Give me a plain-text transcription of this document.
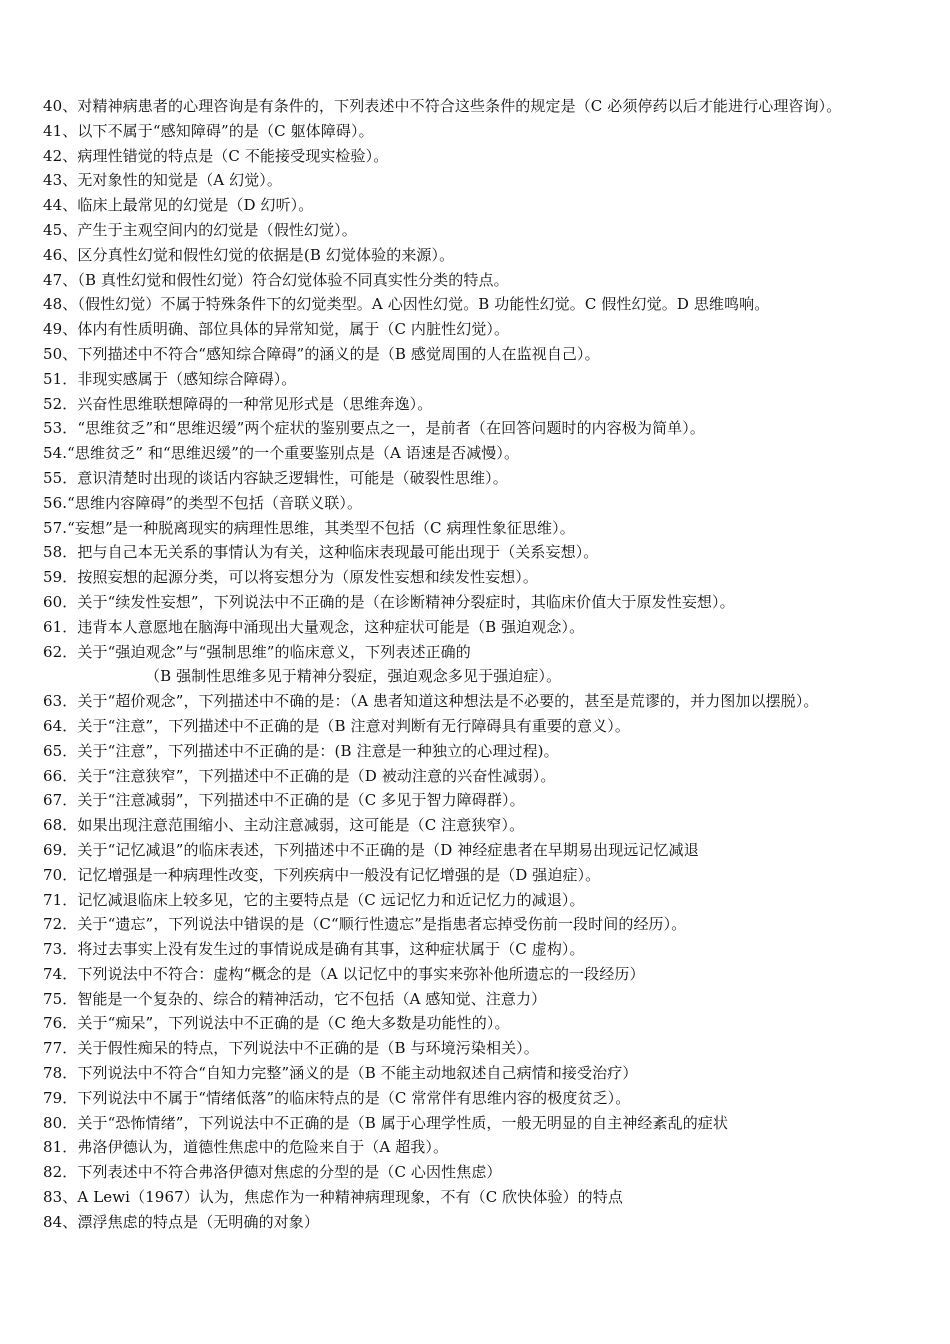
40、对精神病患者的心理咨询是有条件的，下列表述中不符合这些条件的规定是（C 必须停药以后才能进行心理咨询）。
41、以下不属于“感知障碍”的是（C 躯体障碍）。
42、病理性错觉的特点是（C 不能接受现实检验）。
43、无对象性的知觉是（A 幻觉）。
44、临床上最常见的幻觉是（D 幻听）。
45、产生于主观空间内的幻觉是（假性幻觉）。
46、区分真性幻觉和假性幻觉的依据是(B 幻觉体验的来源）。
47、（B 真性幻觉和假性幻觉）符合幻觉体验不同真实性分类的特点。
48、（假性幻觉）不属于特殊条件下的幻觉类型。A 心因性幻觉。B 功能性幻觉。C 假性幻觉。D 思维鸣响。
49、体内有性质明确、部位具体的异常知觉，属于（C 内脏性幻觉）。
50、下列描述中不符合“感知综合障碍”的涵义的是（B 感觉周围的人在监视自己）。
51．非现实感属于（感知综合障碍）。
52．兴奋性思维联想障碍的一种常见形式是（思维奔逸）。
53．“思维贫乏”和“思维迟缓”两个症状的鉴别要点之一，是前者（在回答问题时的内容极为简单）。
54.“思维贫乏” 和“思维迟缓”的一个重要鉴别点是（A 语速是否减慢）。
55．意识清楚时出现的谈话内容缺乏逻辑性，可能是（破裂性思维）。
56.“思维内容障碍”的类型不包括（音联义联）。
57.“妄想”是一种脱离现实的病理性思维，其类型不包括（C 病理性象征思维）。
58．把与自己本无关系的事情认为有关，这种临床表现最可能出现于（关系妄想）。
59．按照妄想的起源分类，可以将妄想分为（原发性妄想和续发性妄想）。
60．关于“续发性妄想”，下列说法中不正确的是（在诊断精神分裂症时，其临床价值大于原发性妄想）。
61．违背本人意愿地在脑海中涌现出大量观念，这种症状可能是（B 强迫观念）。
62．关于“强迫观念”与“强制思维”的临床意义，下列表述正确的
（B 强制性思维多见于精神分裂症，强迫观念多见于强迫症）。
63．关于“超价观念”，下列描述中不确的是：（A 患者知道这种想法是不必要的，甚至是荒谬的，并力图加以摆脱）。
64．关于“注意”，下列描述中不正确的是（B 注意对判断有无行障碍具有重要的意义）。
65．关于“注意”，下列描述中不正确的是：(B 注意是一种独立的心理过程)。
66．关于“注意狭窄”，下列描述中不正确的是（D 被动注意的兴奋性减弱）。
67．关于“注意减弱”，下列描述中不正确的是（C 多见于智力障碍群）。
68．如果出现注意范围缩小、主动注意减弱，这可能是（C 注意狭窄）。
69．关于“记忆减退”的临床表述，下列描述中不正确的是（D 神经症患者在早期易出现远记忆减退
70．记忆增强是一种病理性改变，下列疾病中一般没有记忆增强的是（D 强迫症）。
71．记忆减退临床上较多见，它的主要特点是（C 远记忆力和近记忆力的减退）。
72．关于“遗忘”，下列说法中错误的是（C“顺行性遗忘”是指患者忘掉受伤前一段时间的经历）。
73．将过去事实上没有发生过的事情说成是确有其事，这种症状属于（C 虚构）。
74．下列说法中不符合：虚构“概念的是（A 以记忆中的事实来弥补他所遗忘的一段经历）
75．智能是一个复杂的、综合的精神活动，它不包括（A 感知觉、注意力）
76．关于“痴呆”，下列说法中不正确的是（C 绝大多数是功能性的）。
77．关于假性痴呆的特点，下列说法中不正确的是（B 与环境污染相关）。
78．下列说法中不符合“自知力完整”涵义的是（B 不能主动地叙述自己病情和接受治疗）
79．下列说法中不属于“情绪低落”的临床特点的是（C 常常伴有思维内容的极度贫乏）。
80．关于“恐怖情绪”，下列说法中不正确的是（B 属于心理学性质，一般无明显的自主神经紊乱的症状
81．弗洛伊德认为，道德性焦虑中的危险来自于（A 超我）。
82．下列表述中不符合弗洛伊德对焦虑的分型的是（C 心因性焦虑）
83、A Lewi（1967）认为，焦虑作为一种精神病理现象，不有（C 欣快体验）的特点
84、漂浮焦虑的特点是（无明确的对象）
